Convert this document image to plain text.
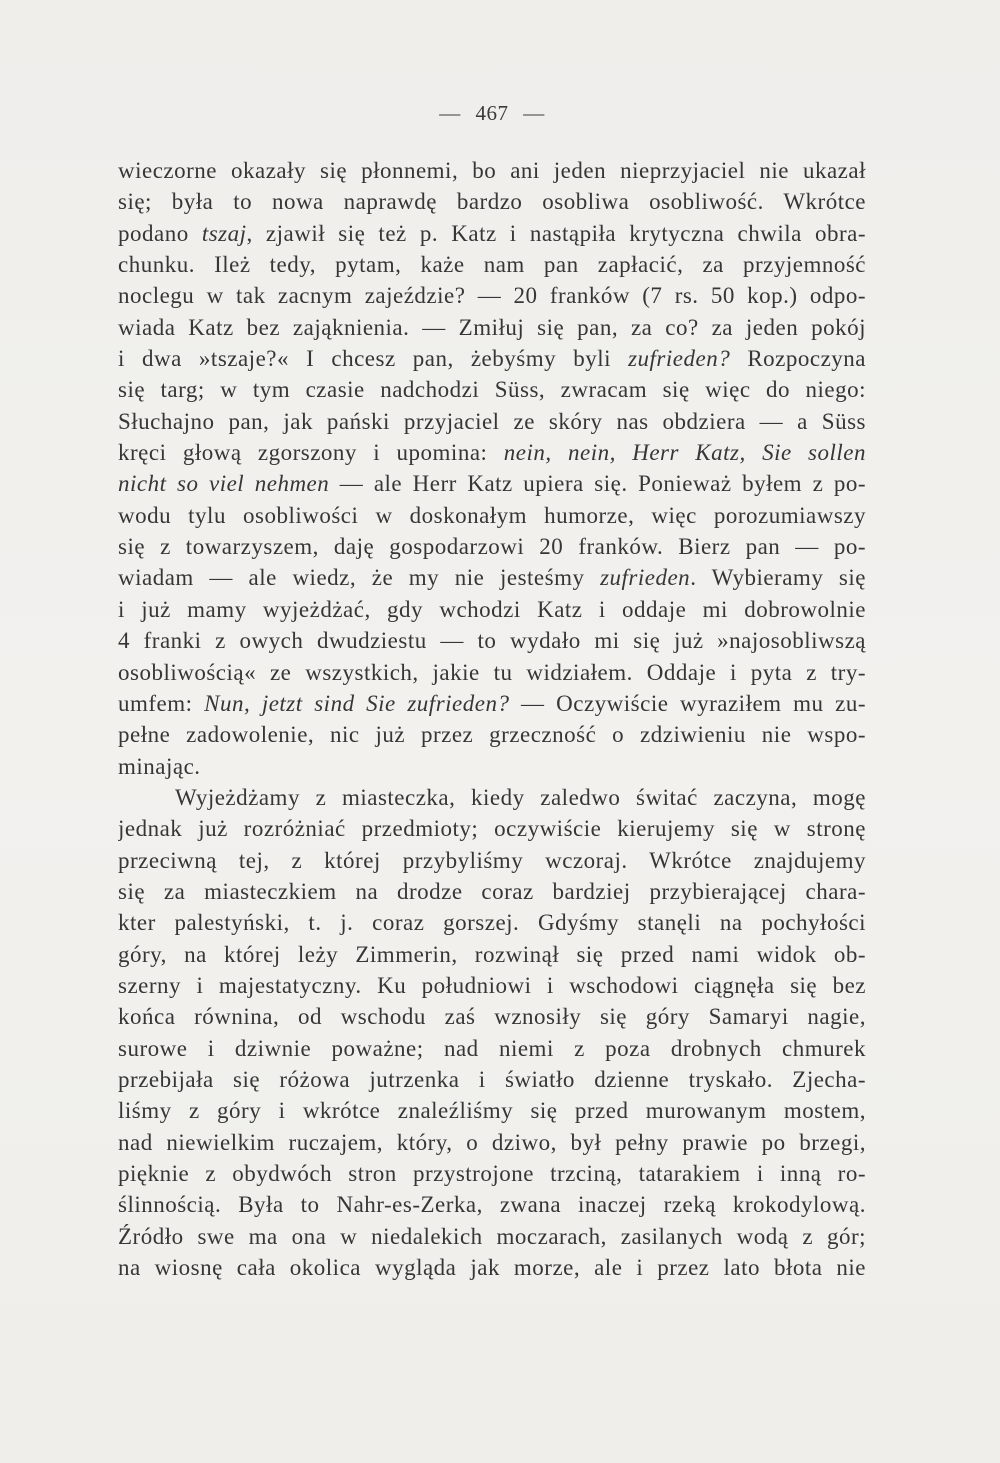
— 467 —
wieczorne okazały się płonnemi, bo ani jeden nieprzyjaciel nie ukazał
się; była to nowa naprawdę bardzo osobliwa osobliwość. Wkrótce
podano tszaj, zjawił się też p. Katz i nastąpiła krytyczna chwila obra-
chunku. Ileż tedy, pytam, każe nam pan zapłacić, za przyjemność
noclegu w tak zacnym zajeździe? — 20 franków (7 rs. 50 kop.) odpo-
wiada Katz bez zająknienia. — Zmiłuj się pan, za co? za jeden pokój
i dwa »tszaje?« I chcesz pan, żebyśmy byli zufrieden? Rozpoczyna
się targ; w tym czasie nadchodzi Süss, zwracam się więc do niego:
Słuchajno pan, jak pański przyjaciel ze skóry nas obdziera — a Süss
kręci głową zgorszony i upomina: nein, nein, Herr Katz, Sie sollen
nicht so viel nehmen — ale Herr Katz upiera się. Ponieważ byłem z po-
wodu tylu osobliwości w doskonałym humorze, więc porozumiawszy
się z towarzyszem, daję gospodarzowi 20 franków. Bierz pan — po-
wiadam — ale wiedz, że my nie jesteśmy zufrieden. Wybieramy się
i już mamy wyjeżdżać, gdy wchodzi Katz i oddaje mi dobrowolnie
4 franki z owych dwudziestu — to wydało mi się już »najosobliwszą
osobliwością« ze wszystkich, jakie tu widziałem. Oddaje i pyta z try-
umfem: Nun, jetzt sind Sie zufrieden? — Oczywiście wyraziłem mu zu-
pełne zadowolenie, nic już przez grzeczność o zdziwieniu nie wspo-
minając.
Wyjeżdżamy z miasteczka, kiedy zaledwo świtać zaczyna, mogę
jednak już rozróżniać przedmioty; oczywiście kierujemy się w stronę
przeciwną tej, z której przybyliśmy wczoraj. Wkrótce znajdujemy
się za miasteczkiem na drodze coraz bardziej przybierającej chara-
kter palestyński, t. j. coraz gorszej. Gdyśmy stanęli na pochyłości
góry, na której leży Zimmerin, rozwinął się przed nami widok ob-
szerny i majestatyczny. Ku południowi i wschodowi ciągnęła się bez
końca równina, od wschodu zaś wznosiły się góry Samaryi nagie,
surowe i dziwnie poważne; nad niemi z poza drobnych chmurek
przebijała się różowa jutrzenka i światło dzienne tryskało. Zjecha-
liśmy z góry i wkrótce znaleźliśmy się przed murowanym mostem,
nad niewielkim ruczajem, który, o dziwo, był pełny prawie po brzegi,
pięknie z obydwóch stron przystrojone trzciną, tatarakiem i inną ro-
ślinnością. Była to Nahr-es-Zerka, zwana inaczej rzeką krokodylową.
Źródło swe ma ona w niedalekich moczarach, zasilanych wodą z gór;
na wiosnę cała okolica wygląda jak morze, ale i przez lato błota nie
